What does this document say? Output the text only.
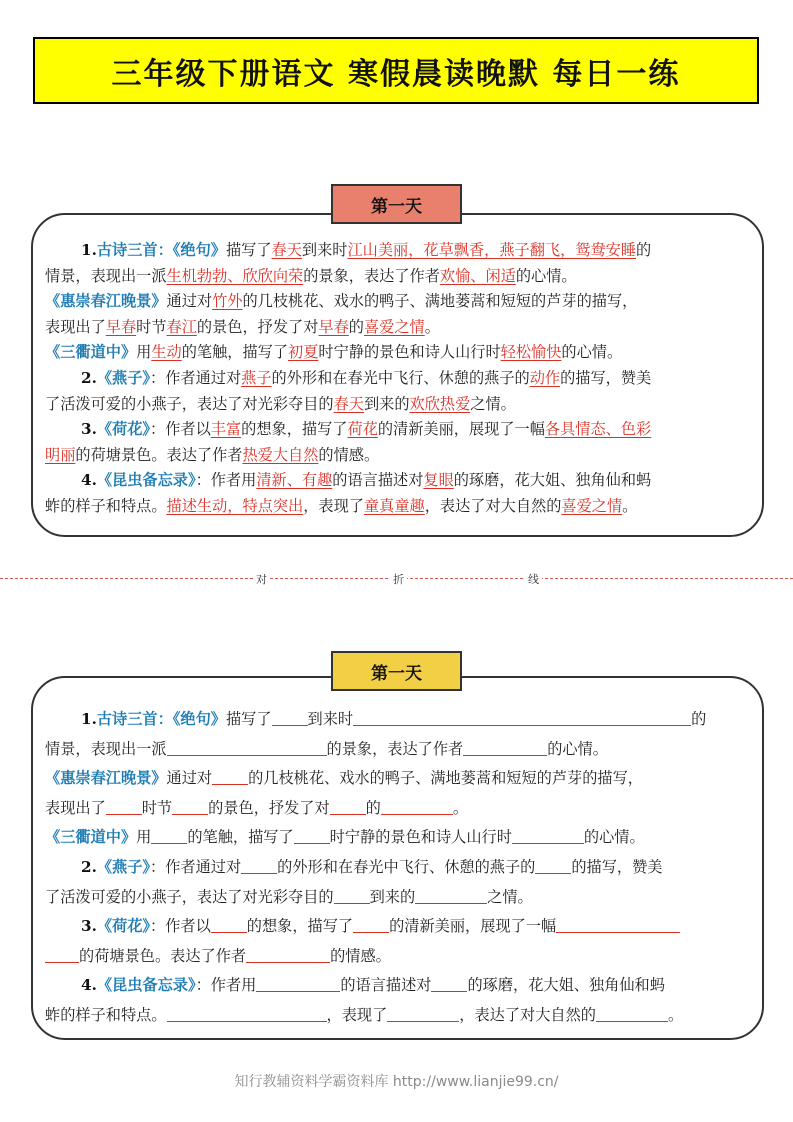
三年级下册语文 寒假晨读晚默 每日一练
第一天
1.古诗三首：《绝句》描写了春天到来时江山美丽，花草飘香，燕子翻飞，鸳鸯安睡的
情景，表现出一派生机勃勃、欣欣向荣的景象，表达了作者欢愉、闲适的心情。
《惠崇春江晚景》通过对竹外的几枝桃花、戏水的鸭子、满地蒌蒿和短短的芦芽的描写，
表现出了早春时节春江的景色，抒发了对早春的喜爱之情。
《三衢道中》用生动的笔触，描写了初夏时宁静的景色和诗人山行时轻松愉快的心情。
2.《燕子》：作者通过对燕子的外形和在春光中飞行、休憩的燕子的动作的描写，赞美
了活泼可爱的小燕子，表达了对光彩夺目的春天到来的欢欣热爱之情。
3.《荷花》：作者以丰富的想象，描写了荷花的清新美丽，展现了一幅各具情态、色彩
明丽的荷塘景色。表达了作者热爱大自然的情感。
4.《昆虫备忘录》：作者用清新、有趣的语言描述对复眼的琢磨，花大姐、独角仙和蚂
蚱的样子和特点。描述生动，特点突出，表现了童真童趣，表达了对大自然的喜爱之情。
对	折	线
第一天
1.古诗三首：《绝句》描写了 到来时	的
情景，表现出一派	的景象，表达了作者	的心情。
《惠崇春江晚景》通过对 的几枝桃花、戏水的鸭子、满地蒌蒿和短短的芦芽的描写，
表现出了 时节 的景色，抒发了对 的	。
《三衢道中》用 的笔触，描写了 时宁静的景色和诗人山行时	的心情。
2.《燕子》：作者通过对 的外形和在春光中飞行、休憩的燕子的 的描写，赞美
了活泼可爱的小燕子，表达了对光彩夺目的 到来的	之情。
3.《荷花》：作者以 的想象，描写了 的清新美丽，展现了一幅
的荷塘景色。表达了作者	的情感。
4.《昆虫备忘录》：作者用	的语言描述对 的琢磨，花大姐、独角仙和蚂
蚱的样子和特点。	，表现了	，表达了对大自然的	。
知行教辅资料学霸资料库 http://www.lianjie99.cn/
